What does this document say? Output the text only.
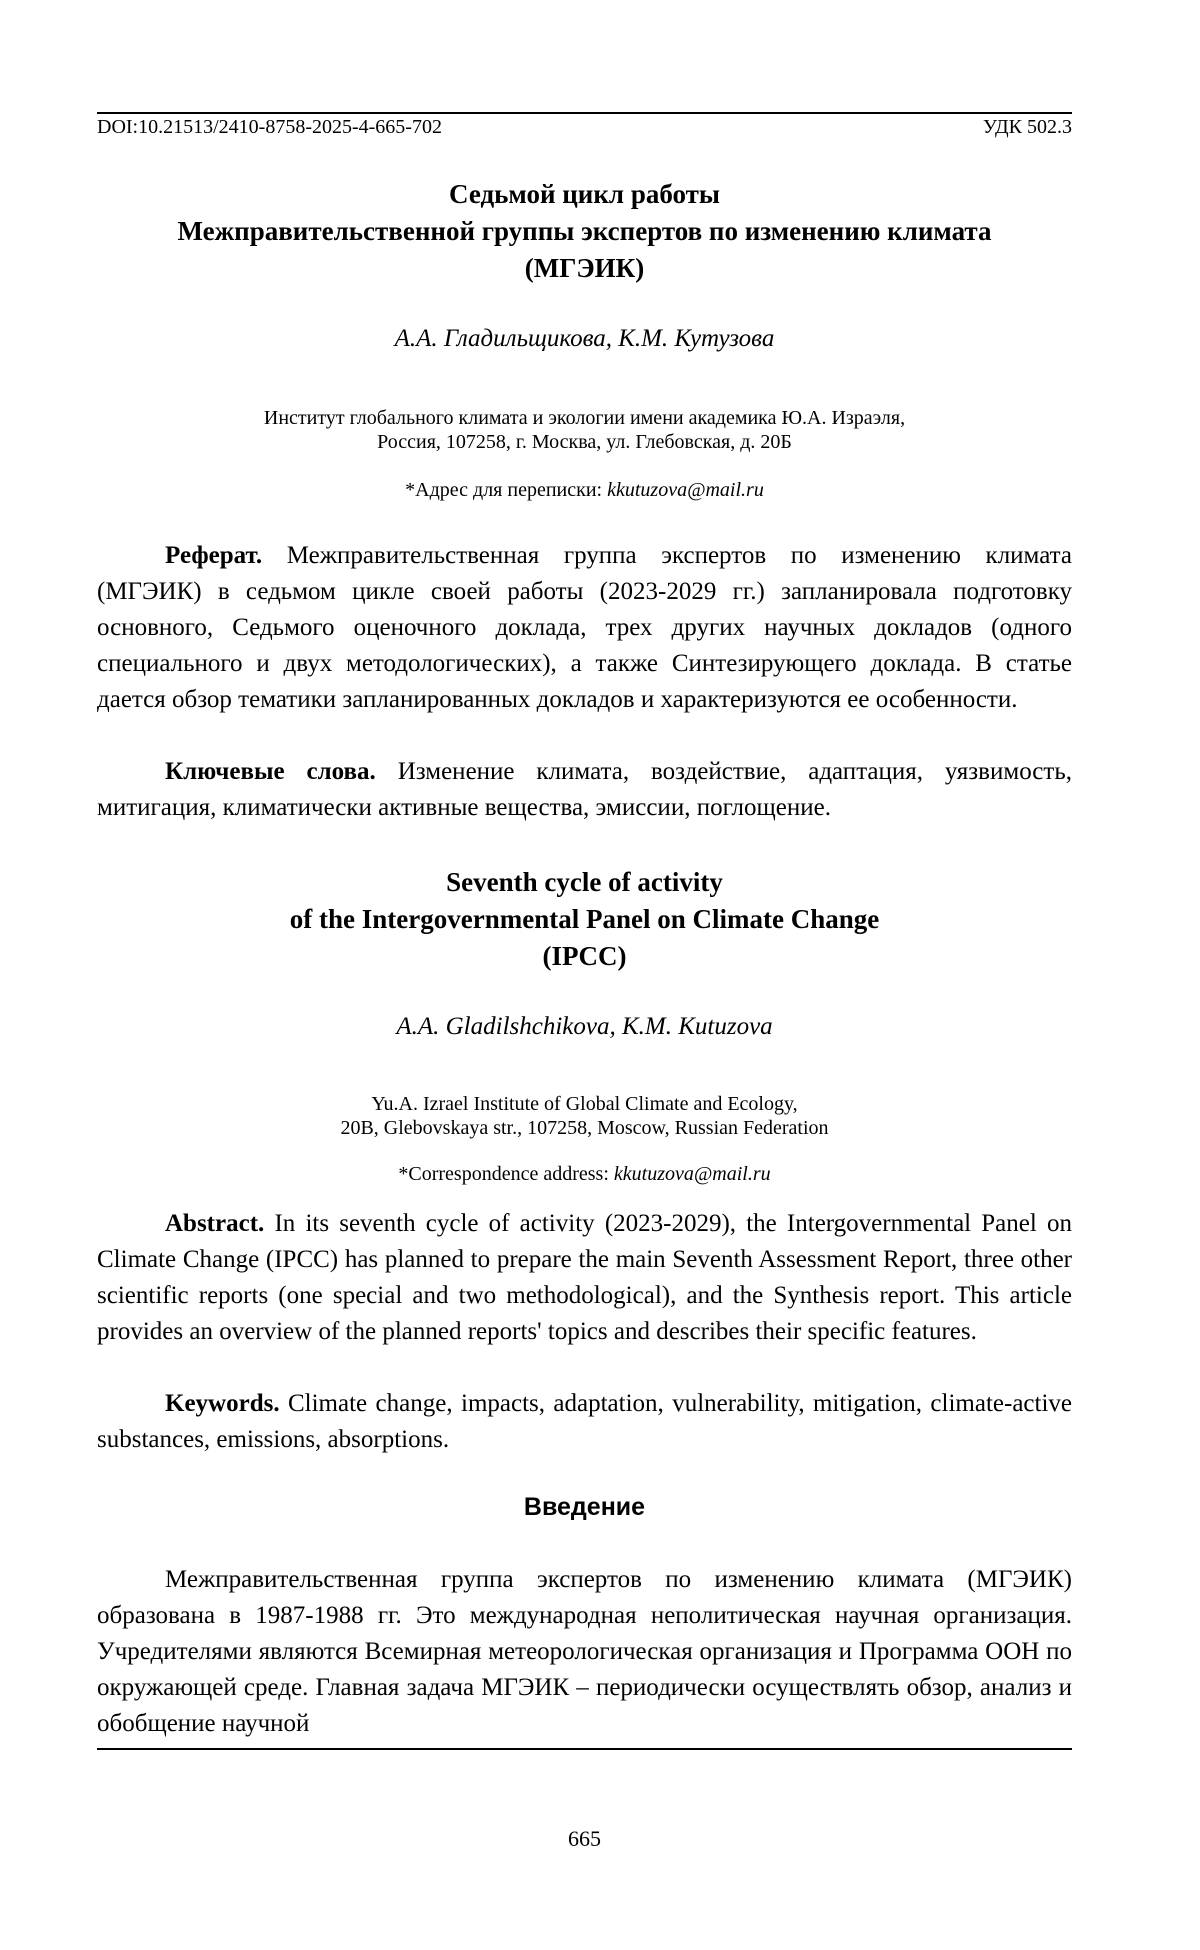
DOI:10.21513/2410-8758-2025-4-665-702	УДК 502.3
Седьмой цикл работы
Межправительственной группы экспертов по изменению климата
(МГЭИК)
А.А. Гладильщикова, К.М. Кутузова
Институт глобального климата и экологии имени академика Ю.А. Израэля,
Россия, 107258, г. Москва, ул. Глебовская, д. 20Б
*Адрес для переписки: kkutuzova@mail.ru
Реферат. Межправительственная группа экспертов по изменению климата (МГЭИК) в седьмом цикле своей работы (2023-2029 гг.) запланировала подготовку основного, Седьмого оценочного доклада, трех других научных докладов (одного специального и двух методологических), а также Синтезирующего доклада. В статье дается обзор тематики запланированных докладов и характеризуются ее особенности.
Ключевые слова. Изменение климата, воздействие, адаптация, уязвимость, митигация, климатически активные вещества, эмиссии, поглощение.
Seventh cycle of activity
of the Intergovernmental Panel on Climate Change
(IPCC)
A.A. Gladilshchikova, K.M. Kutuzova
Yu.A. Izrael Institute of Global Climate and Ecology,
20B, Glebovskaya str., 107258, Moscow, Russian Federation
*Correspondence address: kkutuzova@mail.ru
Abstract. In its seventh cycle of activity (2023-2029), the Intergovernmental Panel on Climate Change (IPCC) has planned to prepare the main Seventh Assessment Report, three other scientific reports (one special and two methodological), and the Synthesis report. This article provides an overview of the planned reports' topics and describes their specific features.
Keywords. Climate change, impacts, adaptation, vulnerability, mitigation, climate-active substances, emissions, absorptions.
Введение
Межправительственная группа экспертов по изменению климата (МГЭИК) образована в 1987-1988 гг. Это международная неполитическая научная организация. Учредителями являются Всемирная метеорологическая организация и Программа ООН по окружающей среде. Главная задача МГЭИК – периодически осуществлять обзор, анализ и обобщение научной
665
